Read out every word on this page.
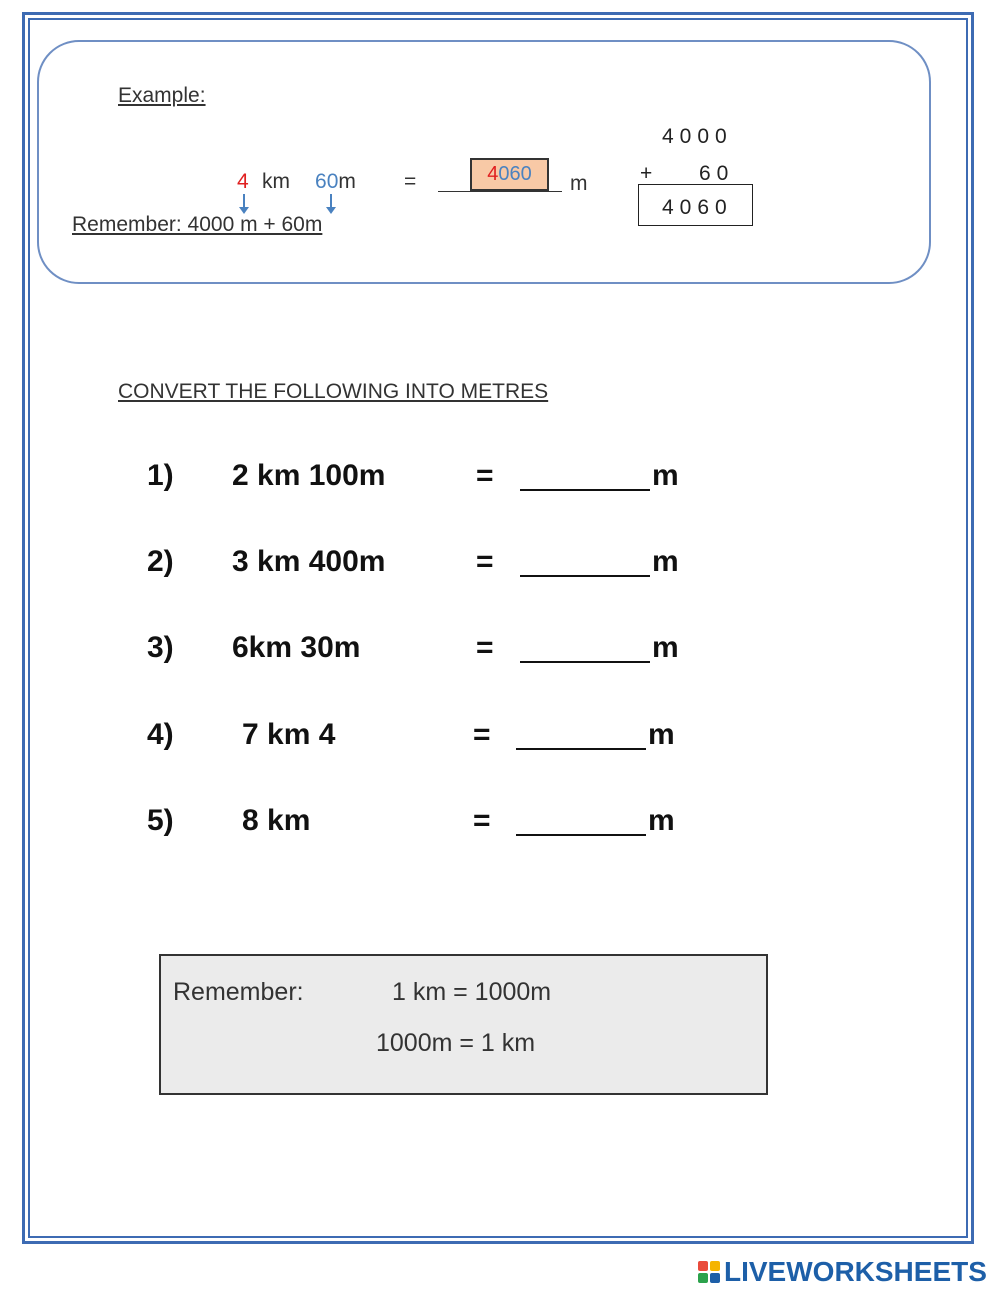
Example:
4 km 60m =	4060	m
Remember: 4000 m + 60m
4000
+ 60
4060
CONVERT THE FOLLOWING INTO METRES
1) 2 km 100m	=	m
2) 3 km 400m	=	m
3) 6km 30m	=	m
4) 7 km 4	=	m
5) 8 km	=	m
Remember:	1 km = 1000m
1000m = 1 km
LIVEWORKSHEETS
